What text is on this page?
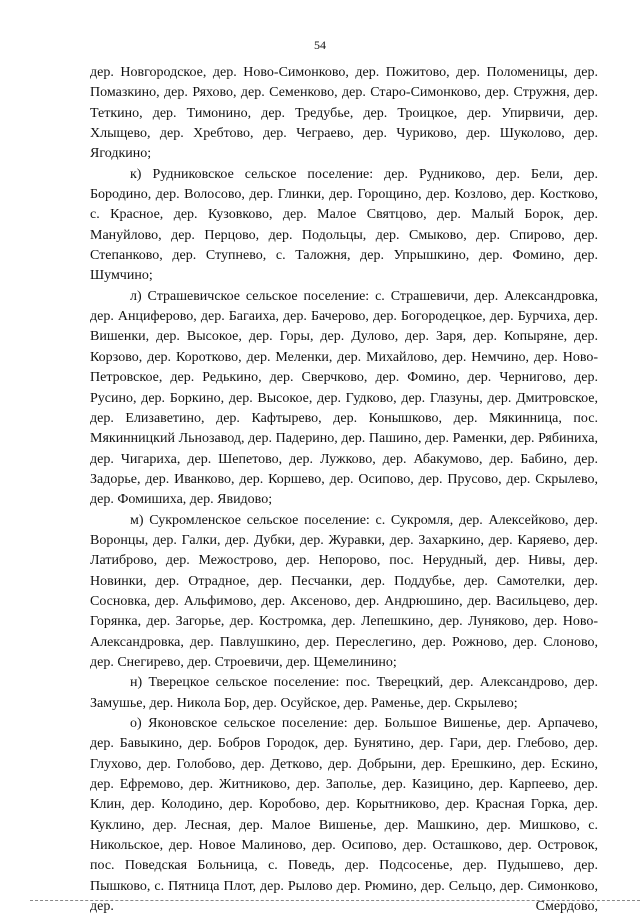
54

дер. Новгородское, дер. Ново-Симонково, дер. Пожитово, дер. Поломеницы, дер. Помазкино, дер. Ряхово, дер. Семенково, дер. Старо-Симонково, дер. Стружня, дер. Теткино, дер. Тимонино, дер. Тредубье, дер. Троицкое, дер. Упирвичи, дер. Хлыщево, дер. Хребтово, дер. Чеграево, дер. Чуриково, дер. Шуколово, дер. Ягодкино;

к) Рудниковское сельское поселение: дер. Рудниково, дер. Бели, дер. Бородино, дер. Волосово, дер. Глинки, дер. Горощино, дер. Козлово, дер. Костково, с. Красное, дер. Кузовково, дер. Малое Святцово, дер. Малый Борок, дер. Мануйлово, дер. Перцово, дер. Подольцы, дер. Смыково, дер. Спирово, дер. Степанково, дер. Ступнево, с. Таложня, дер. Упрышкино, дер. Фомино, дер. Шумчино;

л) Страшевичское сельское поселение: с. Страшевичи, дер. Александровка, дер. Анциферово, дер. Багаиха, дер. Бачерово, дер. Богородецкое, дер. Бурчиха, дер. Вишенки, дер. Высокое, дер. Горы, дер. Дулово, дер. Заря, дер. Копыряне, дер. Корзово, дер. Коротково, дер. Меленки, дер. Михайлово, дер. Немчино, дер. Ново-Петровское, дер. Редькино, дер. Сверчково, дер. Фомино, дер. Черниговo, дер. Русино, дер. Боркино, дер. Высокое, дер. Гудково, дер. Глазуны, дер. Дмитровское, дер. Елизаветино, дер. Кафтырево, дер. Конышково, дер. Мякинница, пос. Мякинницкий Льнозавод, дер. Падерино, дер. Пашино, дер. Раменки, дер. Рябиниха, дер. Чигариха, дер. Шепетово, дер. Лужково, дер. Абакумово, дер. Бабино, дер. Задорье, дер. Иванково, дер. Коршево, дер. Осипово, дер. Прусово, дер. Скрылево, дер. Фомишиха, дер. Явидово;

м) Сукромленское сельское поселение: с. Сукромля, дер. Алексейково, дер. Воронцы, дер. Галки, дер. Дубки, дер. Журавки, дер. Захаркино, дер. Каряево, дер. Латиброво, дер. Межострово, дер. Непорово, пос. Нерудный, дер. Нивы, дер. Новинки, дер. Отрадное, дер. Песчанки, дер. Поддубье, дер. Самотелки, дер. Сосновка, дер. Альфимово, дер. Аксеново, дер. Андрюшино, дер. Васильцево, дер. Горянка, дер. Загорье, дер. Костромка, дер. Лепешкино, дер. Луняково, дер. Ново-Александровка, дер. Павлушкино, дер. Переслегино, дер. Рожново, дер. Слоново, дер. Снегирево, дер. Строевичи, дер. Щемелинино;

н) Тверецкое сельское поселение: пос. Тверецкий, дер. Александрово, дер. Замушье, дер. Никола Бор, дер. Осуйское, дер. Раменье, дер. Скрылево;

о) Яконовское сельское поселение: дер. Большое Вишенье, дер. Арпачево, дер. Бавыкино, дер. Бобров Городок, дер. Бунятино, дер. Гари, дер. Глебово, дер. Глухово, дер. Голобово, дер. Детково, дер. Добрыни, дер. Ерешкино, дер. Ескино, дер. Ефремово, дер. Житниково, дер. Заполье, дер. Казицино, дер. Карпеево, дер. Клин, дер. Колодино, дер. Коробово, дер. Корытниково, дер. Красная Горка, дер. Куклино, дер. Лесная, дер. Малое Вишенье, дер. Машкино, дер. Мишково, с. Никольское, дер. Новое Малиново, дер. Осипово, дер. Осташково, дер. Островок, пос. Поведская Больница, с. Поведь, дер. Подсосенье, дер. Пудышево, дер. Пышково, с. Пятница Плот, дер. Рылово дер. Рюмино, дер. Сельцо, дер. Симонково, дер. Смердово,
